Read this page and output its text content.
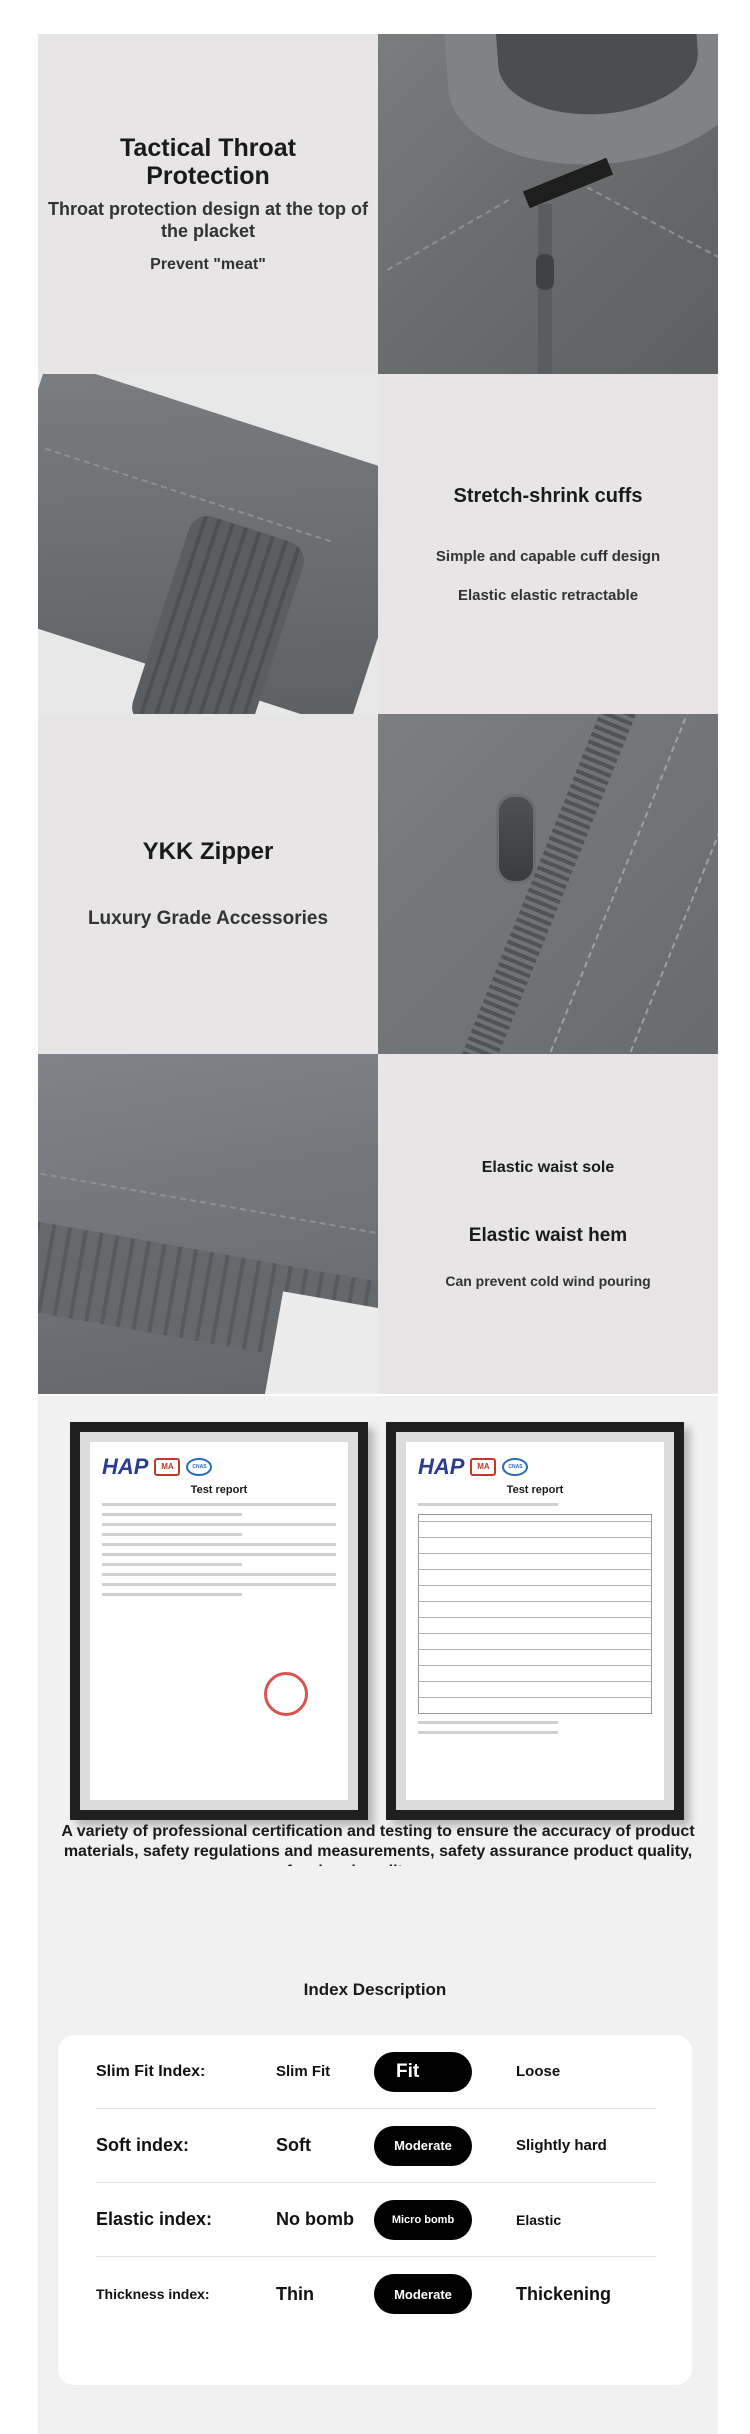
Tactical Throat Protection
Throat protection design at the top of the placket
Prevent "meat"
Stretch-shrink cuffs
Simple and capable cuff design
Elastic elastic retractable
YKK Zipper
Luxury Grade Accessories
Elastic waist sole
Elastic waist hem
Can prevent cold wind pouring
HAP	MA	CNAS
Test report
HAP	MA	CNAS
Test report
A variety of professional certification and testing to ensure the accuracy of product materials, safety regulations and measurements, safety assurance product quality,
Index Description
Slim Fit Index:	Slim Fit	Fit	Loose
Soft index:	Soft	Moderate	Slightly hard
Elastic index:	No bomb	Micro bomb	Elastic
Thickness index:	Thin	Moderate	Thickening
